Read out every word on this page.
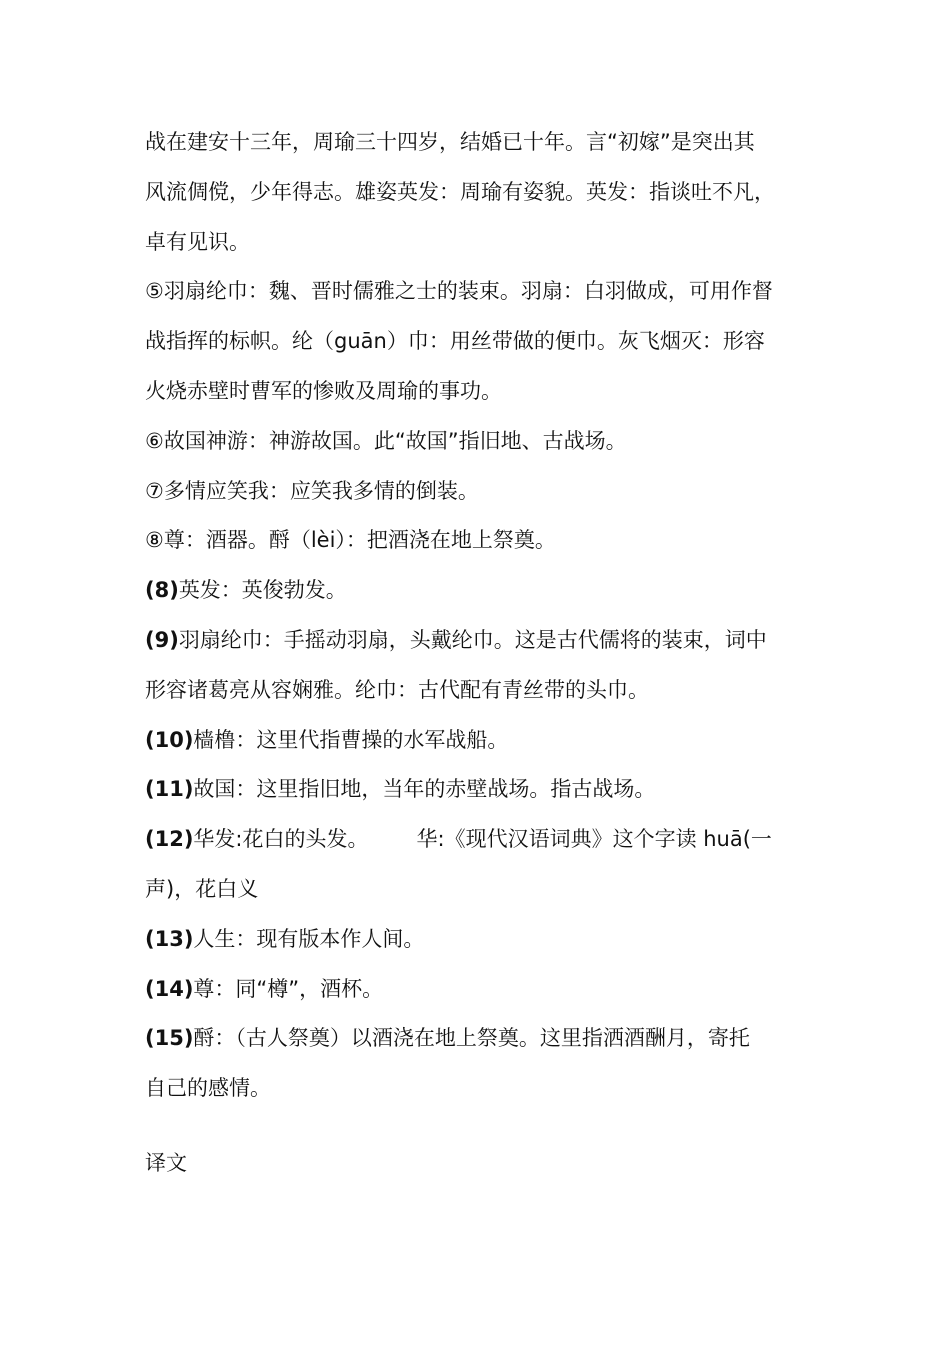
战在建安十三年，周瑜三十四岁，结婚已十年。言“初嫁”是突出其
风流倜傥，少年得志。雄姿英发：周瑜有姿貌。英发：指谈吐不凡，
卓有见识。
⑤羽扇纶巾：魏、晋时儒雅之士的装束。羽扇：白羽做成，可用作督
战指挥的标帜。纶（guān）巾：用丝带做的便巾。灰飞烟灭：形容
火烧赤壁时曹军的惨败及周瑜的事功。
⑥故国神游：神游故国。此“故国”指旧地、古战场。
⑦多情应笑我：应笑我多情的倒装。
⑧尊：酒器。酹（lèi）：把酒浇在地上祭奠。
(8)英发：英俊勃发。
(9)羽扇纶巾：手摇动羽扇，头戴纶巾。这是古代儒将的装束，词中
形容诸葛亮从容娴雅。纶巾：古代配有青丝带的头巾。
(10)樯橹：这里代指曹操的水军战船。
(11)故国：这里指旧地，当年的赤壁战场。指古战场。
(12)华发:花白的头发。 华:《现代汉语词典》这个字读 huā(一
声)，花白义
(13)人生：现有版本作人间。
(14)尊：同“樽”，酒杯。
(15)酹：（古人祭奠）以酒浇在地上祭奠。这里指洒酒酬月，寄托
自己的感情。
译文
